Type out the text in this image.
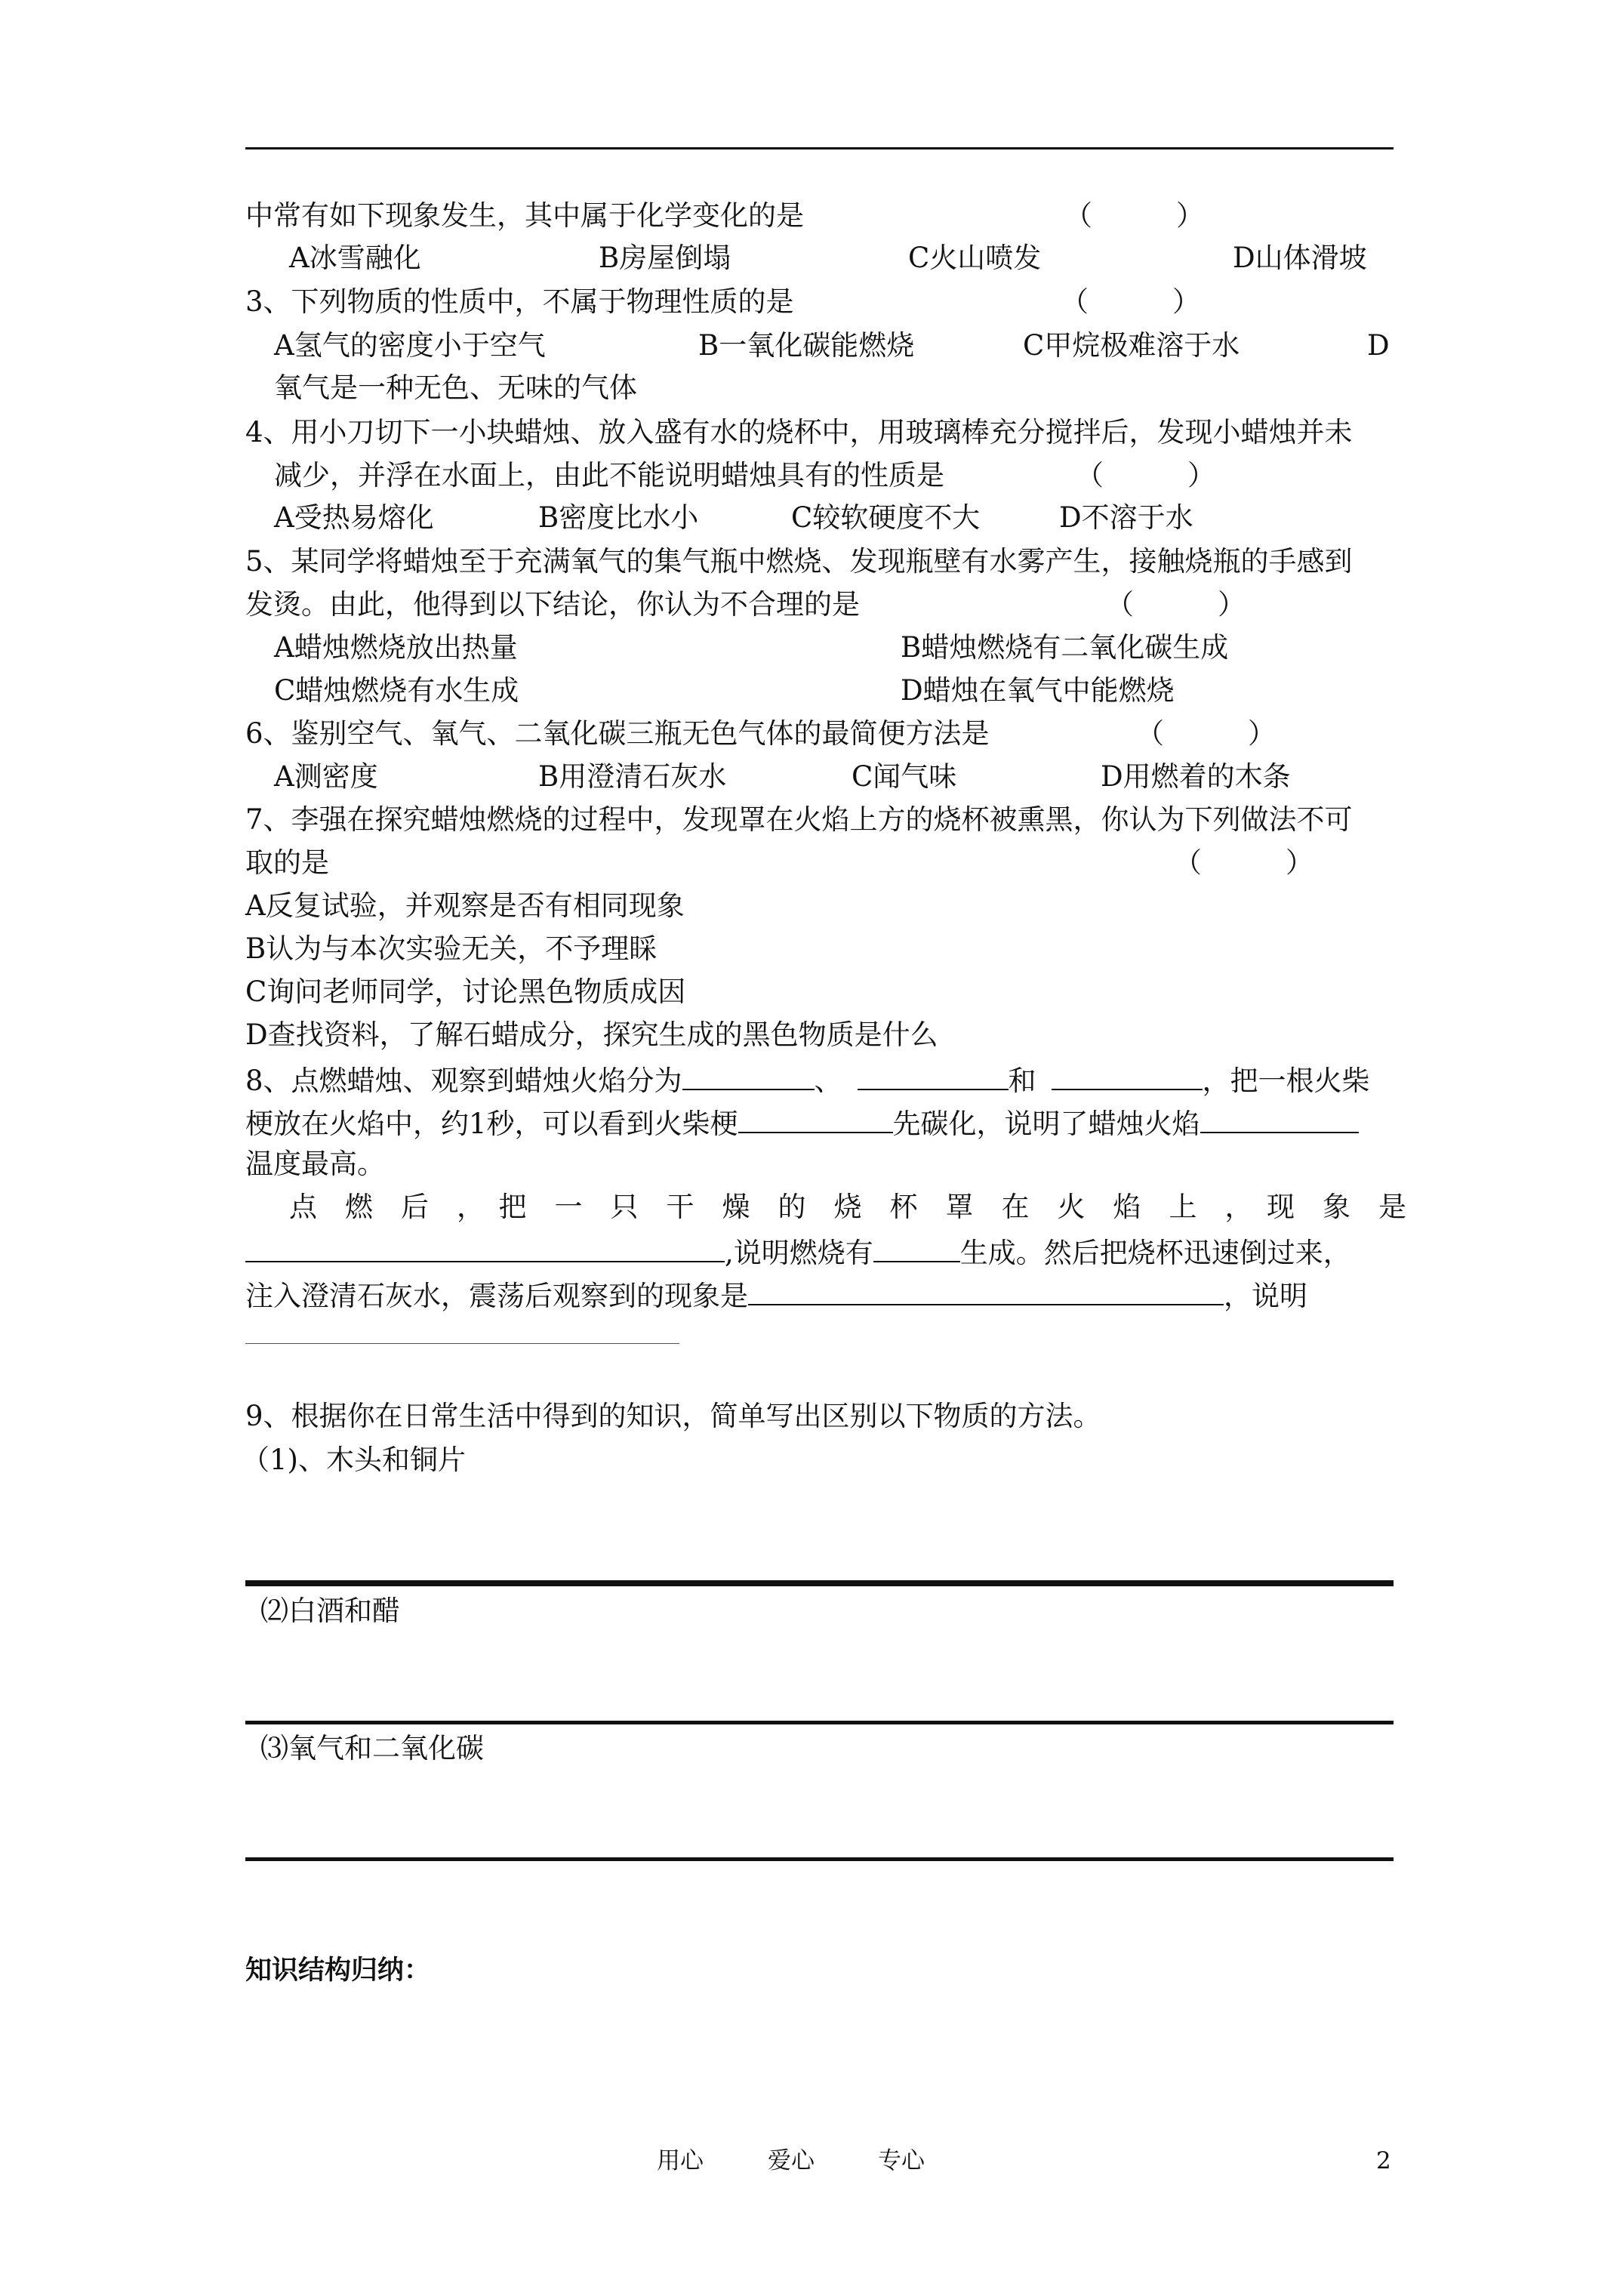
中常有如下现象发生，其中属于化学变化的是	（　　　）
A冰雪融化	B房屋倒塌	C火山喷发	D山体滑坡
3、下列物质的性质中，不属于物理性质的是	（　　　）
A氢气的密度小于空气	B一氧化碳能燃烧	C甲烷极难溶于水	D
氧气是一种无色、无味的气体
4、用小刀切下一小块蜡烛、放入盛有水的烧杯中，用玻璃棒充分搅拌后，发现小蜡烛并未
减少，并浮在水面上，由此不能说明蜡烛具有的性质是	（　　　）
A受热易熔化	B密度比水小	C较软硬度不大	D不溶于水
5、某同学将蜡烛至于充满氧气的集气瓶中燃烧、发现瓶壁有水雾产生，接触烧瓶的手感到
发烫。由此，他得到以下结论，你认为不合理的是	（　　　）
A蜡烛燃烧放出热量	B蜡烛燃烧有二氧化碳生成
C蜡烛燃烧有水生成	D蜡烛在氧气中能燃烧
6、鉴别空气、氧气、二氧化碳三瓶无色气体的最简便方法是	（　　　）
A测密度	B用澄清石灰水	C闻气味	D用燃着的木条
7、李强在探究蜡烛燃烧的过程中，发现罩在火焰上方的烧杯被熏黑，你认为下列做法不可
取的是	（　　　）
A反复试验，并观察是否有相同现象
B认为与本次实验无关，不予理睬
C询问老师同学，讨论黑色物质成因
D查找资料，了解石蜡成分，探究生成的黑色物质是什么
8、点燃蜡烛、观察到蜡烛火焰分为	、	和	，把一根火柴
梗放在火焰中，约1秒，可以看到火柴梗	先碳化，说明了蜡烛火焰
温度最高。
点　燃　后　，　把　一　只　干　燥　的　烧　杯　罩　在　火　焰　上　，　现　象　是
,说明燃烧有	生成。然后把烧杯迅速倒过来，
注入澄清石灰水，震荡后观察到的现象是	，说明
9、根据你在日常生活中得到的知识，简单写出区别以下物质的方法。
（1)、木头和铜片
⑵白酒和醋
⑶氧气和二氧化碳
知识结构归纳：
用心	爱心	专心	2
